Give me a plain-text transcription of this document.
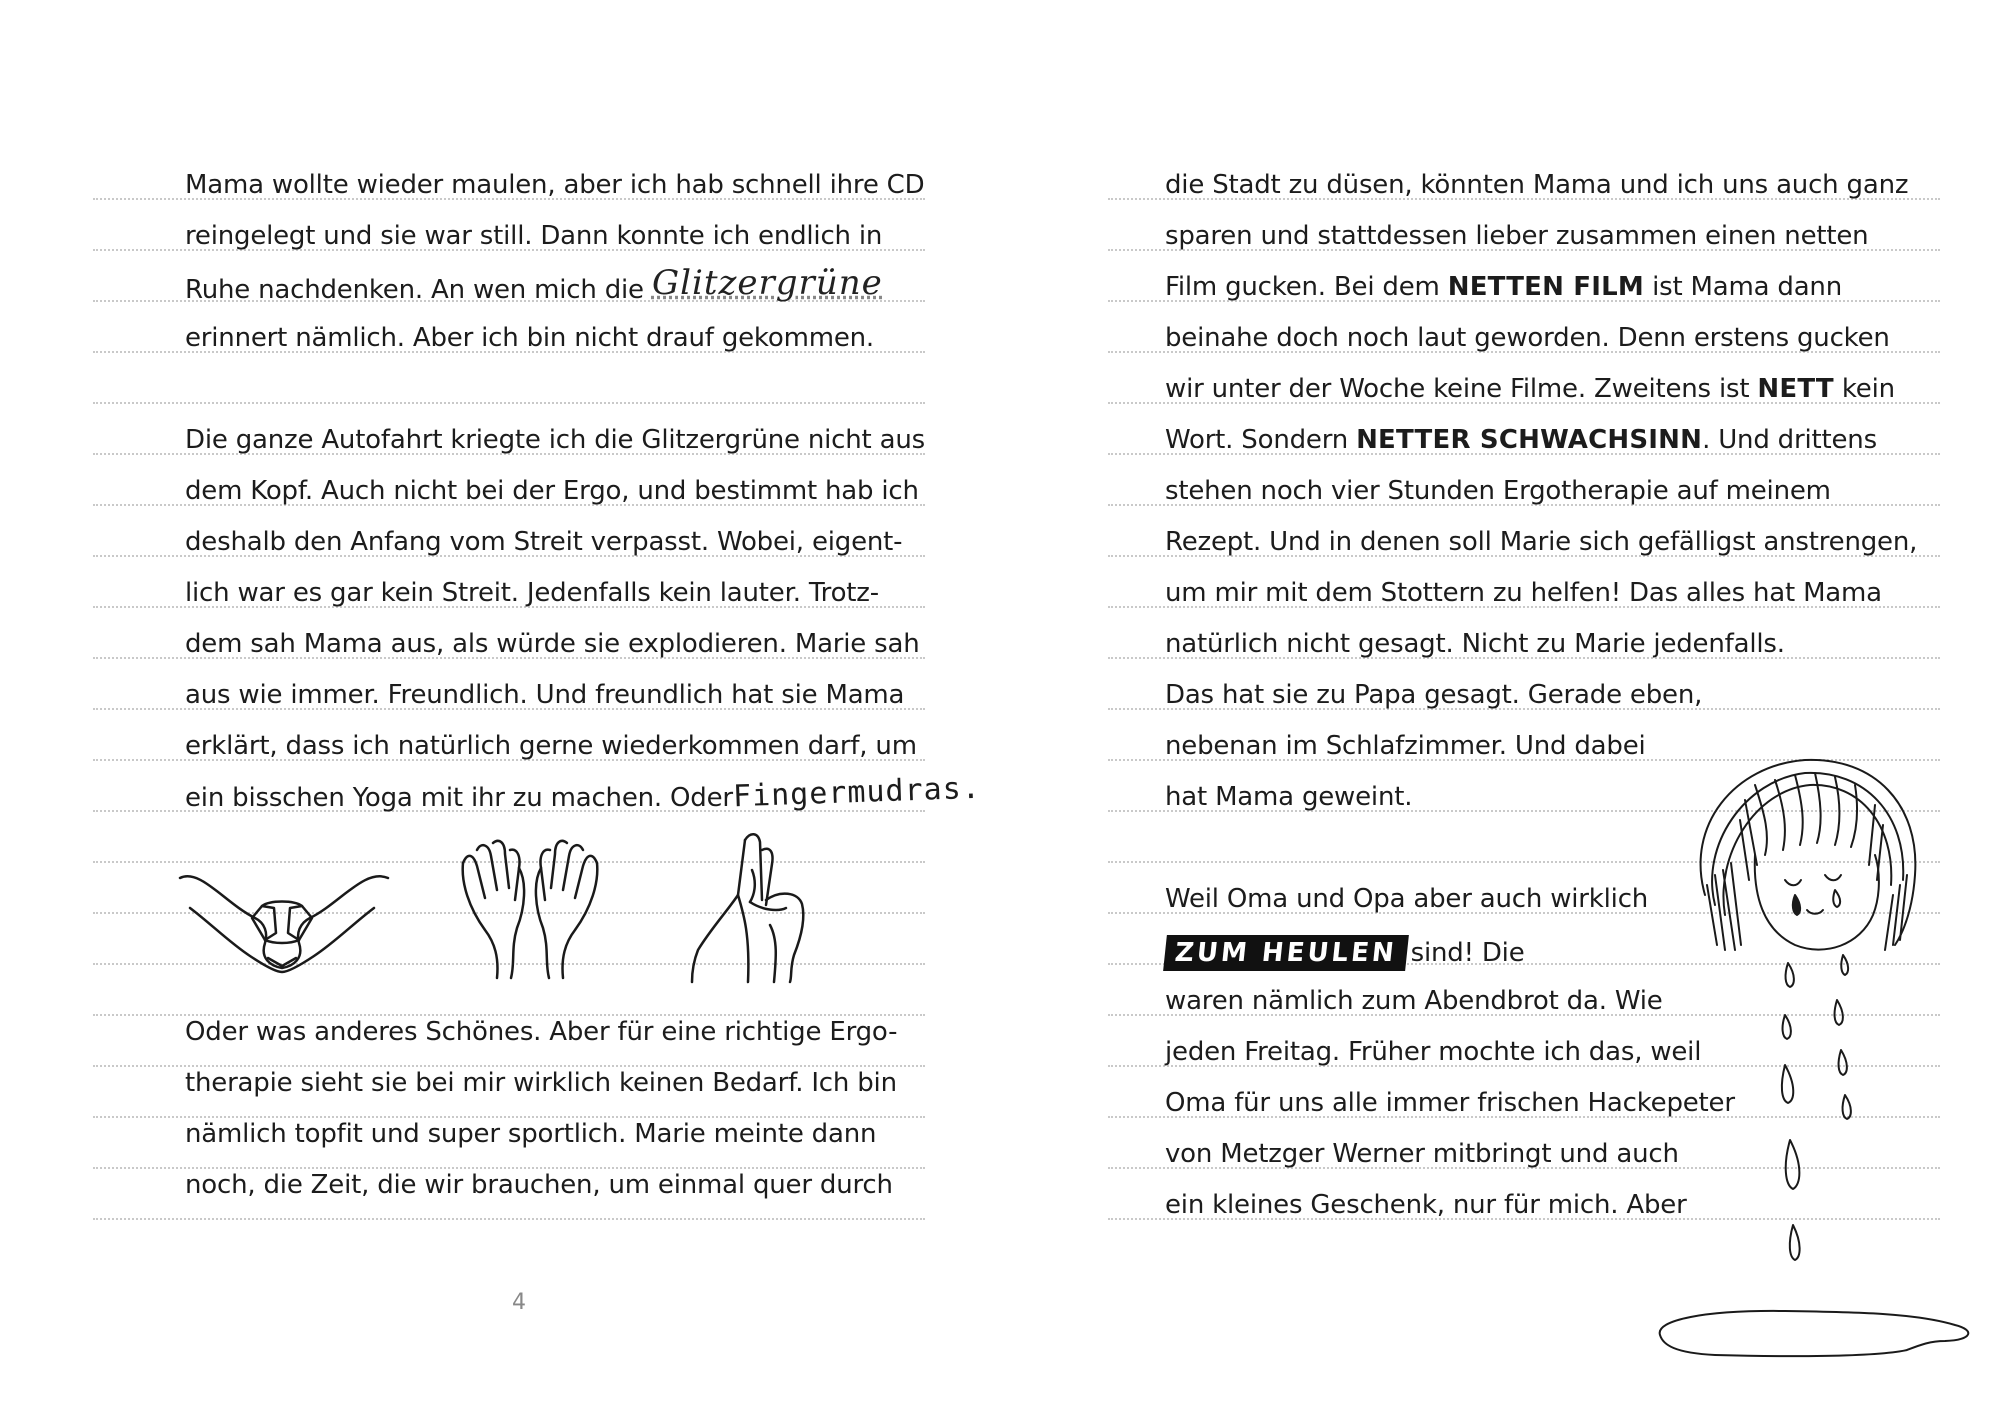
Mama wollte wieder maulen, aber ich hab schnell ihre CD
reingelegt und sie war still. Dann konnte ich endlich in
Ruhe nachdenken. An wen mich die Glitzergrüne
erinnert nämlich. Aber ich bin nicht drauf gekommen.
Die ganze Autofahrt kriegte ich die Glitzergrüne nicht aus
dem Kopf. Auch nicht bei der Ergo, und bestimmt hab ich
deshalb den Anfang vom Streit verpasst. Wobei, eigent-
lich war es gar kein Streit. Jedenfalls kein lauter. Trotz-
dem sah Mama aus, als würde sie explodieren. Marie sah
aus wie immer. Freundlich. Und freundlich hat sie Mama
erklärt, dass ich natürlich gerne wiederkommen darf, um
ein bisschen Yoga mit ihr zu machen. OderFingermudras.
Oder was anderes Schönes. Aber für eine richtige Ergo-
therapie sieht sie bei mir wirklich keinen Bedarf. Ich bin
nämlich topfit und super sportlich. Marie meinte dann
noch, die Zeit, die wir brauchen, um einmal quer durch
4
die Stadt zu düsen, könnten Mama und ich uns auch ganz
sparen und stattdessen lieber zusammen einen netten
Film gucken. Bei dem NETTEN FILM ist Mama dann
beinahe doch noch laut geworden. Denn erstens gucken
wir unter der Woche keine Filme. Zweitens ist NETT kein
Wort. Sondern NETTER SCHWACHSINN. Und drittens
stehen noch vier Stunden Ergotherapie auf meinem
Rezept. Und in denen soll Marie sich gefälligst anstrengen,
um mir mit dem Stottern zu helfen! Das alles hat Mama
natürlich nicht gesagt. Nicht zu Marie jedenfalls.
Das hat sie zu Papa gesagt. Gerade eben,
nebenan im Schlafzimmer. Und dabei
hat Mama geweint.
Weil Oma und Opa aber auch wirklich
ZUM HEULEN sind! Die
waren nämlich zum Abendbrot da. Wie
jeden Freitag. Früher mochte ich das, weil
Oma für uns alle immer frischen Hackepeter
von Metzger Werner mitbringt und auch
ein kleines Geschenk, nur für mich. Aber
